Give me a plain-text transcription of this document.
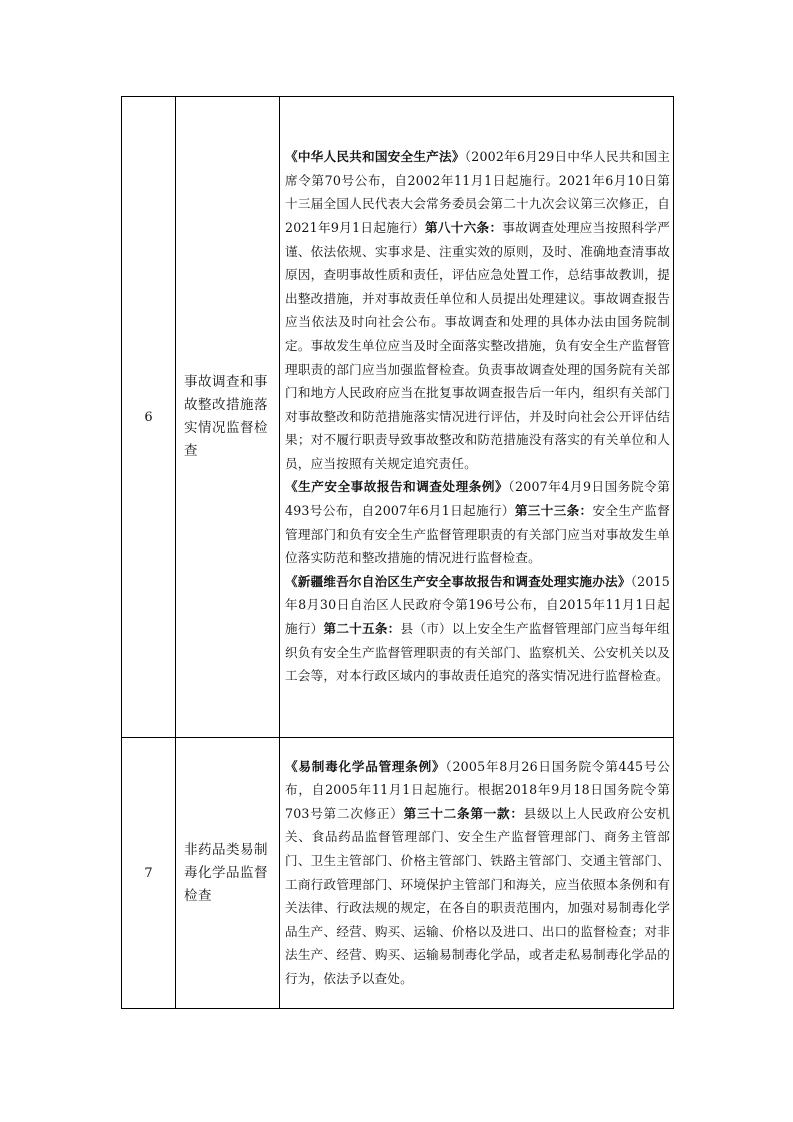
6	事故调查和事故整改措施落实情况监督检查	《中华人民共和国安全生产法》（2002年6月29日中华人民共和国主席令第70号公布，自2002年11月1日起施行。2021年6月10日第十三届全国人民代表大会常务委员会第二十九次会议第三次修正，自2021年9月1日起施行）第八十六条：事故调查处理应当按照科学严谨、依法依规、实事求是、注重实效的原则，及时、准确地查清事故原因，查明事故性质和责任，评估应急处置工作，总结事故教训，提出整改措施，并对事故责任单位和人员提出处理建议。事故调查报告应当依法及时向社会公布。事故调查和处理的具体办法由国务院制定。事故发生单位应当及时全面落实整改措施，负有安全生产监督管理职责的部门应当加强监督检查。负责事故调查处理的国务院有关部门和地方人民政府应当在批复事故调查报告后一年内，组织有关部门对事故整改和防范措施落实情况进行评估，并及时向社会公开评估结果；对不履行职责导致事故整改和防范措施没有落实的有关单位和人员，应当按照有关规定追究责任。

《生产安全事故报告和调查处理条例》（2007年4月9日国务院令第493号公布，自2007年6月1日起施行）第三十三条：安全生产监督管理部门和负有安全生产监督管理职责的有关部门应当对事故发生单位落实防范和整改措施的情况进行监督检查。

《新疆维吾尔自治区生产安全事故报告和调查处理实施办法》（2015年8月30日自治区人民政府令第196号公布，自2015年11月1日起施行）第二十五条：县（市）以上安全生产监督管理部门应当每年组织负有安全生产监督管理职责的有关部门、监察机关、公安机关以及工会等，对本行政区域内的事故责任追究的落实情况进行监督检查。

7	非药品类易制毒化学品监督检查	《易制毒化学品管理条例》（2005年8月26日国务院令第445号公布，自2005年11月1日起施行。根据2018年9月18日国务院令第703号第二次修正）第三十二条第一款：县级以上人民政府公安机关、食品药品监督管理部门、安全生产监督管理部门、商务主管部门、卫生主管部门、价格主管部门、铁路主管部门、交通主管部门、工商行政管理部门、环境保护主管部门和海关，应当依照本条例和有关法律、行政法规的规定，在各自的职责范围内，加强对易制毒化学品生产、经营、购买、运输、价格以及进口、出口的监督检查；对非法生产、经营、购买、运输易制毒化学品，或者走私易制毒化学品的行为，依法予以查处。
